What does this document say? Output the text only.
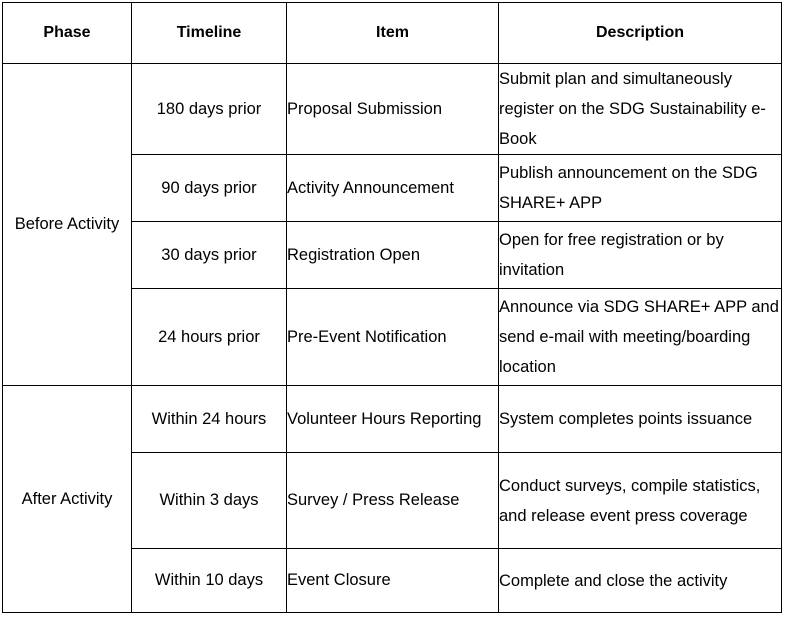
Phase	Timeline	Item	Description
Before Activity	180 days prior	Proposal Submission	Submit plan and simultaneously register on the SDG Sustainability e-Book

	90 days prior	Activity Announcement	Publish announcement on the SDG SHARE+ APP

	30 days prior	Registration Open	Open for free registration or by invitation

	24 hours prior	Pre-Event Notification	Announce via SDG SHARE+ APP and send e-mail with meeting/boarding location

After Activity	Within 24 hours	Volunteer Hours Reporting	System completes points issuance

	Within 3 days	Survey / Press Release	Conduct surveys, compile statistics, and release event press coverage

	Within 10 days	Event Closure	Complete and close the activity
